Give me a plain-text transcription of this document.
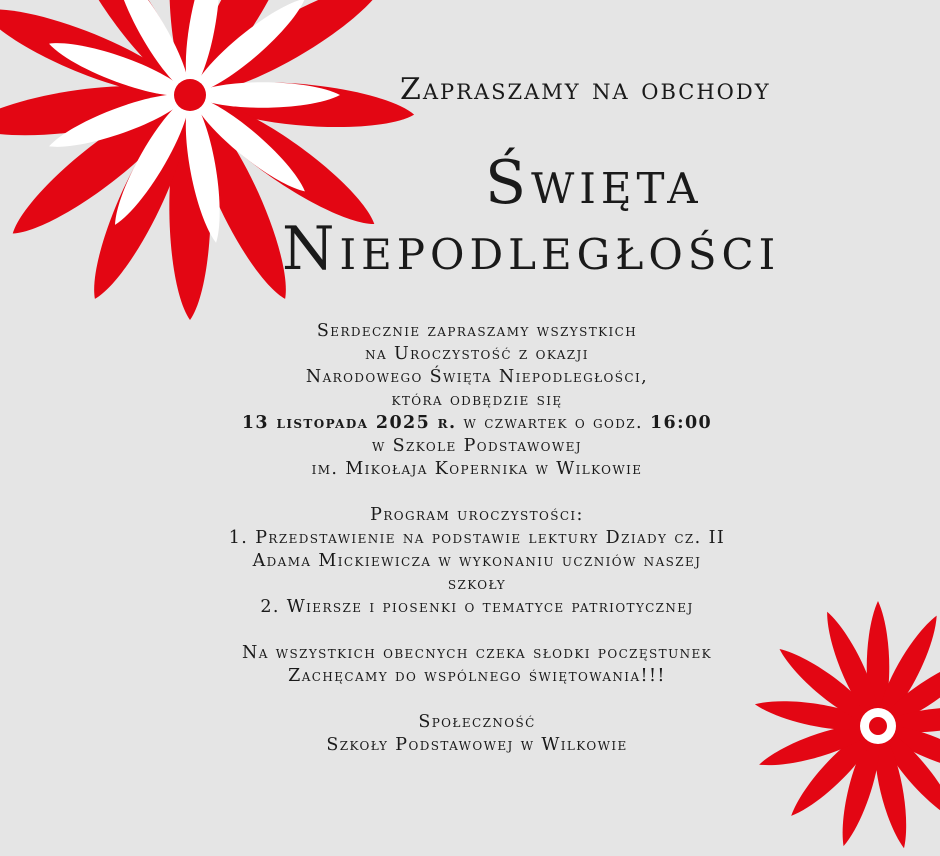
Zapraszamy na obchody
Święta
Niepodległości

Serdecznie zapraszamy wszystkich

na Uroczystość z okazji

Narodowego Święta Niepodległości,

która odbędzie się

13 listopada 2025 r. w czwartek o godz. 16:00

w Szkole Podstawowej

im. Mikołaja Kopernika w Wilkowie

Program uroczystości:

1. Przedstawienie na podstawie lektury Dziady cz. II

Adama Mickiewicza w wykonaniu uczniów naszej

szkoły

2. Wiersze i piosenki o tematyce patriotycznej

Na wszystkich obecnych czeka słodki poczęstunek

Zachęcamy do wspólnego świętowania!!!

Społeczność

Szkoły Podstawowej w Wilkowie
